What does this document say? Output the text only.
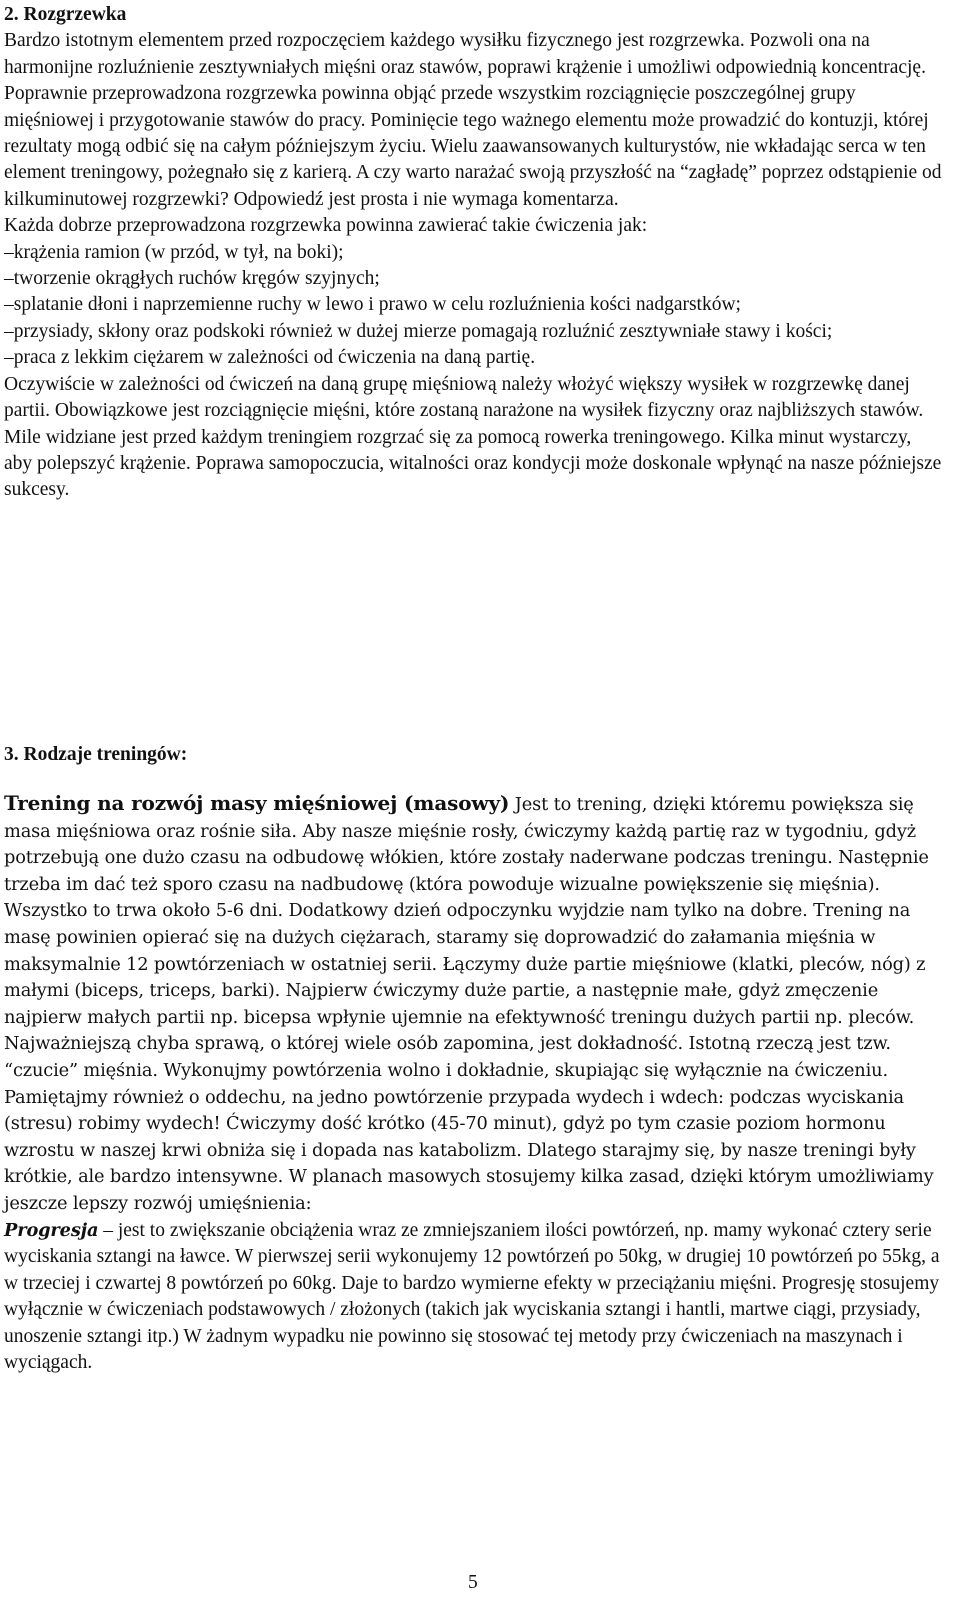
2. Rozgrzewka

Bardzo istotnym elementem przed rozpoczęciem każdego wysiłku fizycznego jest rozgrzewka. Pozwoli ona na harmonijne rozluźnienie zesztywniałych mięśni oraz stawów, poprawi krążenie i umożliwi odpowiednią koncentrację. Poprawnie przeprowadzona rozgrzewka powinna objąć przede wszystkim rozciągnięcie poszczególnej grupy mięśniowej i przygotowanie stawów do pracy. Pominięcie tego ważnego elementu może prowadzić do kontuzji, której rezultaty mogą odbić się na całym późniejszym życiu. Wielu zaawansowanych kulturystów, nie wkładając serca w ten element treningowy, pożegnało się z karierą. A czy warto narażać swoją przyszłość na “zagładę” poprzez odstąpienie od kilkuminutowej rozgrzewki? Odpowiedź jest prosta i nie wymaga komentarza.

Każda dobrze przeprowadzona rozgrzewka powinna zawierać takie ćwiczenia jak:

–krążenia ramion (w przód, w tył, na boki);

–tworzenie okrągłych ruchów kręgów szyjnych;

–splatanie dłoni i naprzemienne ruchy w lewo i prawo w celu rozluźnienia kości nadgarstków;

–przysiady, skłony oraz podskoki również w dużej mierze pomagają rozluźnić zesztywniałe stawy i kości;

–praca z lekkim ciężarem w zależności od ćwiczenia na daną partię.

Oczywiście w zależności od ćwiczeń na daną grupę mięśniową należy włożyć większy wysiłek w rozgrzewkę danej partii. Obowiązkowe jest rozciągnięcie mięśni, które zostaną narażone na wysiłek fizyczny oraz najbliższych stawów. Mile widziane jest przed każdym treningiem rozgrzać się za pomocą rowerka treningowego. Kilka minut wystarczy, aby polepszyć krążenie. Poprawa samopoczucia, witalności oraz kondycji może doskonale wpłynąć na nasze późniejsze sukcesy.

3. Rodzaje treningów:
Trening na rozwój masy mięśniowej (masowy) Jest to trening, dzięki któremu powiększa się masa mięśniowa oraz rośnie siła. Aby nasze mięśnie rosły, ćwiczymy każdą partię raz w tygodniu, gdyż potrzebują one dużo czasu na odbudowę włókien, które zostały naderwane podczas treningu. Następnie trzeba im dać też sporo czasu na nadbudowę (która powoduje wizualne powiększenie się mięśnia). Wszystko to trwa około 5-6 dni. Dodatkowy dzień odpoczynku wyjdzie nam tylko na dobre. Trening na masę powinien opierać się na dużych ciężarach, staramy się doprowadzić do załamania mięśnia w maksymalnie 12 powtórzeniach w ostatniej serii. Łączymy duże partie mięśniowe (klatki, pleców, nóg) z małymi (biceps, triceps, barki). Najpierw ćwiczymy duże partie, a następnie małe, gdyż zmęczenie najpierw małych partii np. bicepsa wpłynie ujemnie na efektywność treningu dużych partii np. pleców. Najważniejszą chyba sprawą, o której wiele osób zapomina, jest dokładność. Istotną rzeczą jest tzw. “czucie” mięśnia. Wykonujmy powtórzenia wolno i dokładnie, skupiając się wyłącznie na ćwiczeniu. Pamiętajmy również o oddechu, na jedno powtórzenie przypada wydech i wdech: podczas wyciskania (stresu) robimy wydech! Ćwiczymy dość krótko (45-70 minut), gdyż po tym czasie poziom hormonu wzrostu w naszej krwi obniża się i dopada nas katabolizm. Dlatego starajmy się, by nasze treningi były krótkie, ale bardzo intensywne. W planach masowych stosujemy kilka zasad, dzięki którym umożliwiamy jeszcze lepszy rozwój umięśnienia:
Progresja – jest to zwiększanie obciążenia wraz ze zmniejszaniem ilości powtórzeń, np. mamy wykonać cztery serie wyciskania sztangi na ławce. W pierwszej serii wykonujemy 12 powtórzeń po 50kg, w drugiej 10 powtórzeń po 55kg, a w trzeciej i czwartej 8 powtórzeń po 60kg. Daje to bardzo wymierne efekty w przeciążaniu mięśni. Progresję stosujemy wyłącznie w ćwiczeniach podstawowych / złożonych (takich jak wyciskania sztangi i hantli, martwe ciągi, przysiady, unoszenie sztangi itp.) W żadnym wypadku nie powinno się stosować tej metody przy ćwiczeniach na maszynach i wyciągach.
5
